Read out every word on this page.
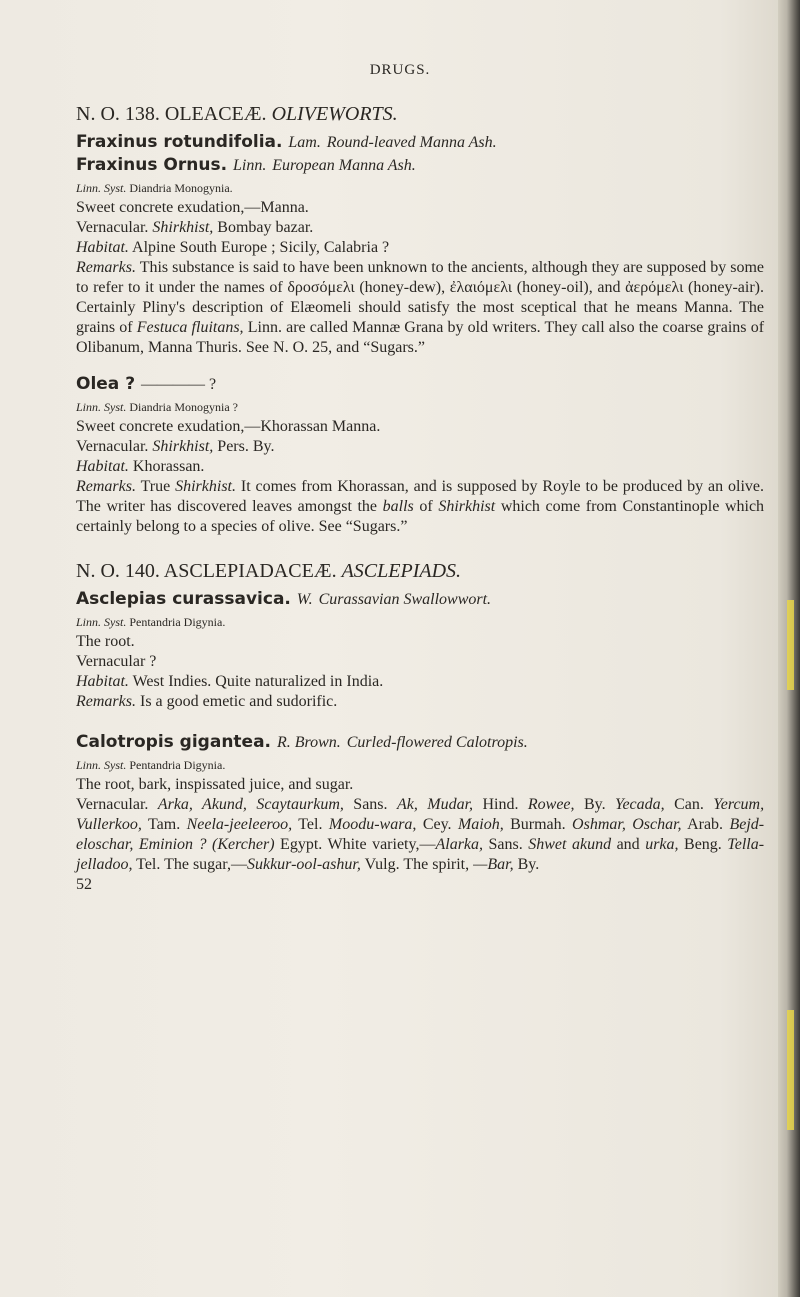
DRUGS.
N. O. 138. OLEACEÆ. OLIVEWORTS.
Fraxinus rotundifolia. Lam. Round-leaved Manna Ash.
Fraxinus Ornus. Linn. European Manna Ash.
Linn. Syst. Diandria Monogynia.
Sweet concrete exudation,—Manna.
Vernacular. Shirkhist, Bombay bazar.
Habitat. Alpine South Europe ; Sicily, Calabria ?
Remarks. This substance is said to have been unknown to the ancients, although they are supposed by some to refer to it under the names of δροσόμελι (honey-dew), ἐλαιόμελι (honey-oil), and ἀερόμελι (honey-air). Certainly Pliny's description of Elæomeli should satisfy the most sceptical that he means Manna. The grains of Festuca fluitans, Linn. are called Mannæ Grana by old writers. They call also the coarse grains of Olibanum, Manna Thuris. See N. O. 25, and “Sugars.”
Olea ? ———— ?
Linn. Syst. Diandria Monogynia ?
Sweet concrete exudation,—Khorassan Manna.
Vernacular. Shirkhist, Pers. By.
Habitat. Khorassan.
Remarks. True Shirkhist. It comes from Khorassan, and is supposed by Royle to be produced by an olive. The writer has discovered leaves amongst the balls of Shirkhist which come from Constantinople which certainly belong to a species of olive. See “Sugars.”
N. O. 140. ASCLEPIADACEÆ. ASCLEPIADS.
Asclepias curassavica. W. Curassavian Swallowwort.
Linn. Syst. Pentandria Digynia.
The root.
Vernacular ?
Habitat. West Indies. Quite naturalized in India.
Remarks. Is a good emetic and sudorific.
Calotropis gigantea. R. Brown. Curled-flowered Calotropis.
Linn. Syst. Pentandria Digynia.
The root, bark, inspissated juice, and sugar.
Vernacular. Arka, Akund, Scaytaurkum, Sans. Ak, Mudar, Hind. Rowee, By. Yecada, Can. Yercum, Vullerkoo, Tam. Neela-jeeleeroo, Tel. Moodu-wara, Cey. Maioh, Burmah. Oshmar, Oschar, Arab. Bejd-eloschar, Eminion ? (Kercher) Egypt. White variety,—Alarka, Sans. Shwet akund and urka, Beng. Tella-jelladoo, Tel. The sugar,—Sukkur-ool-ashur, Vulg. The spirit, —Bar, By.
52
